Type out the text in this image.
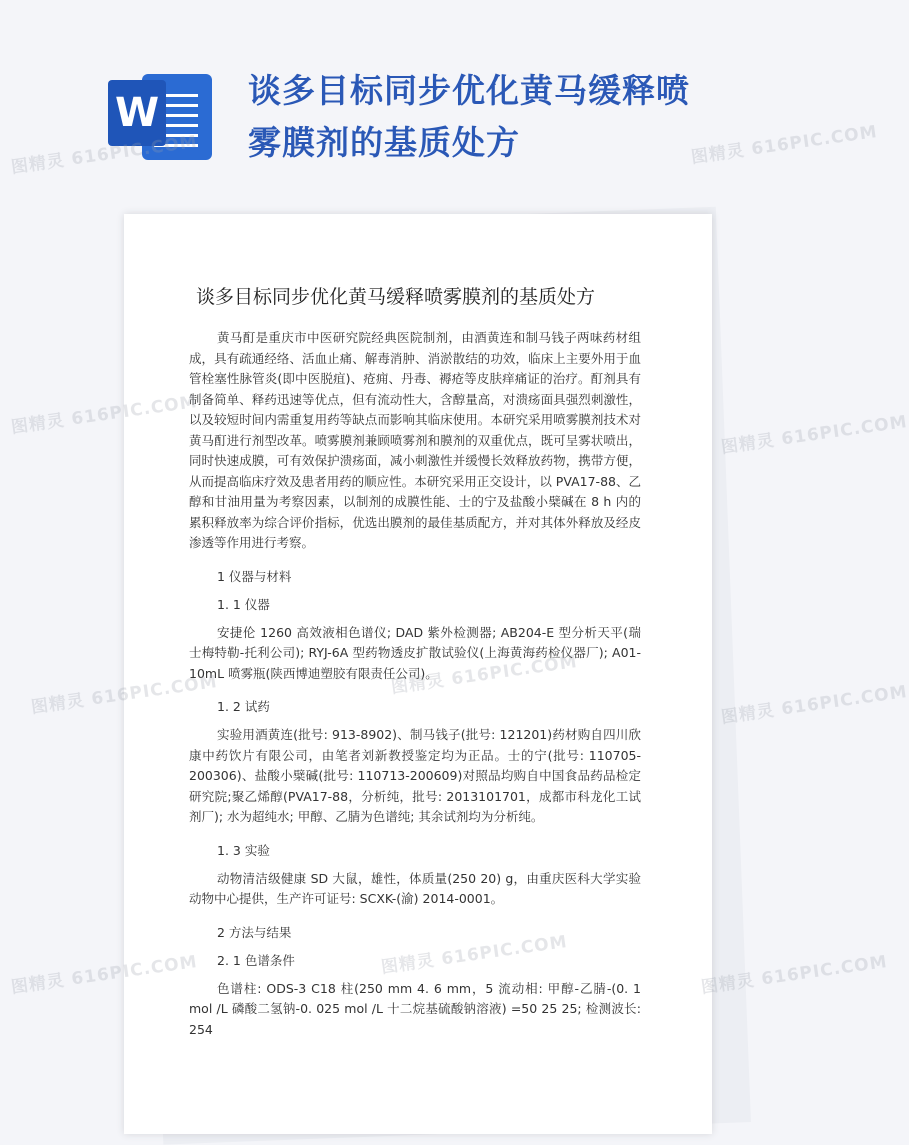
W	谈多目标同步优化黄马缓释喷雾膜剂的基质处方
谈多目标同步优化黄马缓释喷雾膜剂的基质处方

黄马酊是重庆市中医研究院经典医院制剂，由酒黄连和制马钱子两味药材组成，具有疏通经络、活血止痛、解毒消肿、消淤散结的功效，临床上主要外用于血管栓塞性脉管炎(即中医脱疽)、疮痈、丹毒、褥疮等皮肤痒痛证的治疗。酊剂具有制备简单、释药迅速等优点，但有流动性大，含醇量高，对溃疡面具强烈刺激性，以及较短时间内需重复用药等缺点而影响其临床使用。本研究采用喷雾膜剂技术对黄马酊进行剂型改革。喷雾膜剂兼顾喷雾剂和膜剂的双重优点，既可呈雾状喷出，同时快速成膜，可有效保护溃疡面，减小刺激性并缓慢长效释放药物，携带方便，从而提高临床疗效及患者用药的顺应性。本研究采用正交设计，以 PVA17-88、乙醇和甘油用量为考察因素，以制剂的成膜性能、士的宁及盐酸小檗碱在 8 h 内的累积释放率为综合评价指标，优选出膜剂的最佳基质配方，并对其体外释放及经皮渗透等作用进行考察。

1 仪器与材料

1. 1 仪器

安捷伦 1260 高效液相色谱仪; DAD 紫外检测器; AB204-E 型分析天平(瑞士梅特勒-托利公司); RYJ-6A 型药物透皮扩散试验仪(上海黄海药检仪器厂); A01-10mL 喷雾瓶(陕西博迪塑胶有限责任公司)。

1. 2 试药

实验用酒黄连(批号: 913-8902)、制马钱子(批号: 121201)药材购自四川欣康中药饮片有限公司，由笔者刘新教授鉴定均为正品。士的宁(批号: 110705-200306)、盐酸小檗碱(批号: 110713-200609)对照品均购自中国食品药品检定研究院;聚乙烯醇(PVA17-88，分析纯，批号: 2013101701，成都市科龙化工试剂厂); 水为超纯水; 甲醇、乙腈为色谱纯; 其余试剂均为分析纯。

1. 3 实验

动物清洁级健康 SD 大鼠，雄性，体质量(250 20) g，由重庆医科大学实验动物中心提供，生产许可证号: SCXK-(渝) 2014-0001。

2 方法与结果

2. 1 色谱条件

色谱柱: ODS-3 C18 柱(250 mm 4. 6 mm，5 流动相: 甲醇-乙腈-(0. 1 mol /L 磷酸二氢钠-0. 025 mol /L 十二烷基硫酸钠溶液) =50 25 25; 检测波长: 254

图精灵 616PIC.COM	图精灵 616PIC.COM
图精灵 616PIC.COM	图精灵 616PIC.COM
图精灵 616PIC.COM	图精灵 616PIC.COM
图精灵 616PIC.COM
图精灵 616PIC.COM	图精灵 616PIC.COM	图精灵 616PIC.COM
